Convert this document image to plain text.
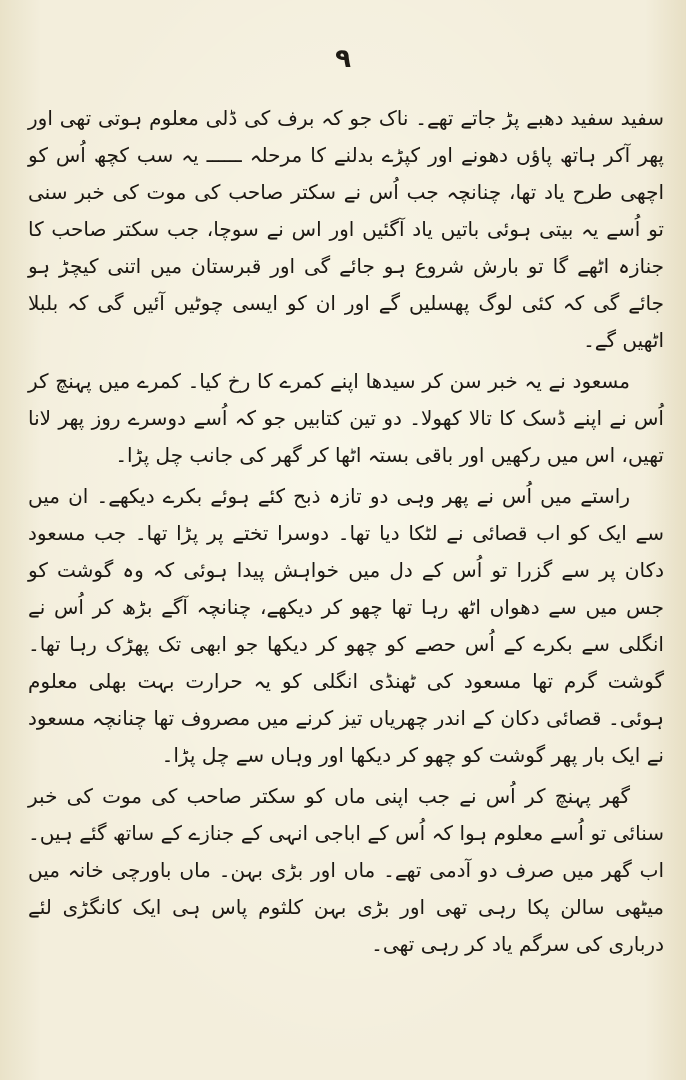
۹

سفید سفید دھبے پڑ جاتے تھے۔ ناک جو کہ برف کی ڈلی معلوم ہوتی تھی اور پھر آکر ہاتھ پاؤں دھونے اور کپڑے بدلنے کا مرحلہ ــــــ یہ سب کچھ اُس کو اچھی طرح یاد تھا، چنانچہ جب اُس نے سکتر صاحب کی موت کی خبر سنی تو اُسے یہ بیتی ہوئی باتیں یاد آگئیں اور اس نے سوچا، جب سکتر صاحب کا جنازہ اٹھے گا تو بارش شروع ہو جائے گی اور قبرستان میں اتنی کیچڑ ہو جائے گی کہ کئی لوگ پھسلیں گے اور ان کو ایسی چوٹیں آئیں گی کہ بلبلا اٹھیں گے۔

مسعود نے یہ خبر سن کر سیدھا اپنے کمرے کا رخ کیا۔ کمرے میں پہنچ کر اُس نے اپنے ڈسک کا تالا کھولا۔ دو تین کتابیں جو کہ اُسے دوسرے روز پھر لانا تھیں، اس میں رکھیں اور باقی بستہ اٹھا کر گھر کی جانب چل پڑا۔

راستے میں اُس نے پھر وہی دو تازہ ذبح کئے ہوئے بکرے دیکھے۔ ان میں سے ایک کو اب قصائی نے لٹکا دیا تھا۔ دوسرا تختے پر پڑا تھا۔ جب مسعود دکان پر سے گزرا تو اُس کے دل میں خواہش پیدا ہوئی کہ وہ گوشت کو جس میں سے دھواں اٹھ رہا تھا چھو کر دیکھے، چنانچہ آگے بڑھ کر اُس نے انگلی سے بکرے کے اُس حصے کو چھو کر دیکھا جو ابھی تک پھڑک رہا تھا۔ گوشت گرم تھا مسعود کی ٹھنڈی انگلی کو یہ حرارت بہت بھلی معلوم ہوئی۔ قصائی دکان کے اندر چھریاں تیز کرنے میں مصروف تھا چنانچہ مسعود نے ایک بار پھر گوشت کو چھو کر دیکھا اور وہاں سے چل پڑا۔

گھر پہنچ کر اُس نے جب اپنی ماں کو سکتر صاحب کی موت کی خبر سنائی تو اُسے معلوم ہوا کہ اُس کے اباجی انہی کے جنازے کے ساتھ گئے ہیں۔ اب گھر میں صرف دو آدمی تھے۔ ماں اور بڑی بہن۔ ماں باورچی خانہ میں میٹھی سالن پکا رہی تھی اور بڑی بہن کلثوم پاس ہی ایک کانگڑی لئے درباری کی سرگم یاد کر رہی تھی۔
